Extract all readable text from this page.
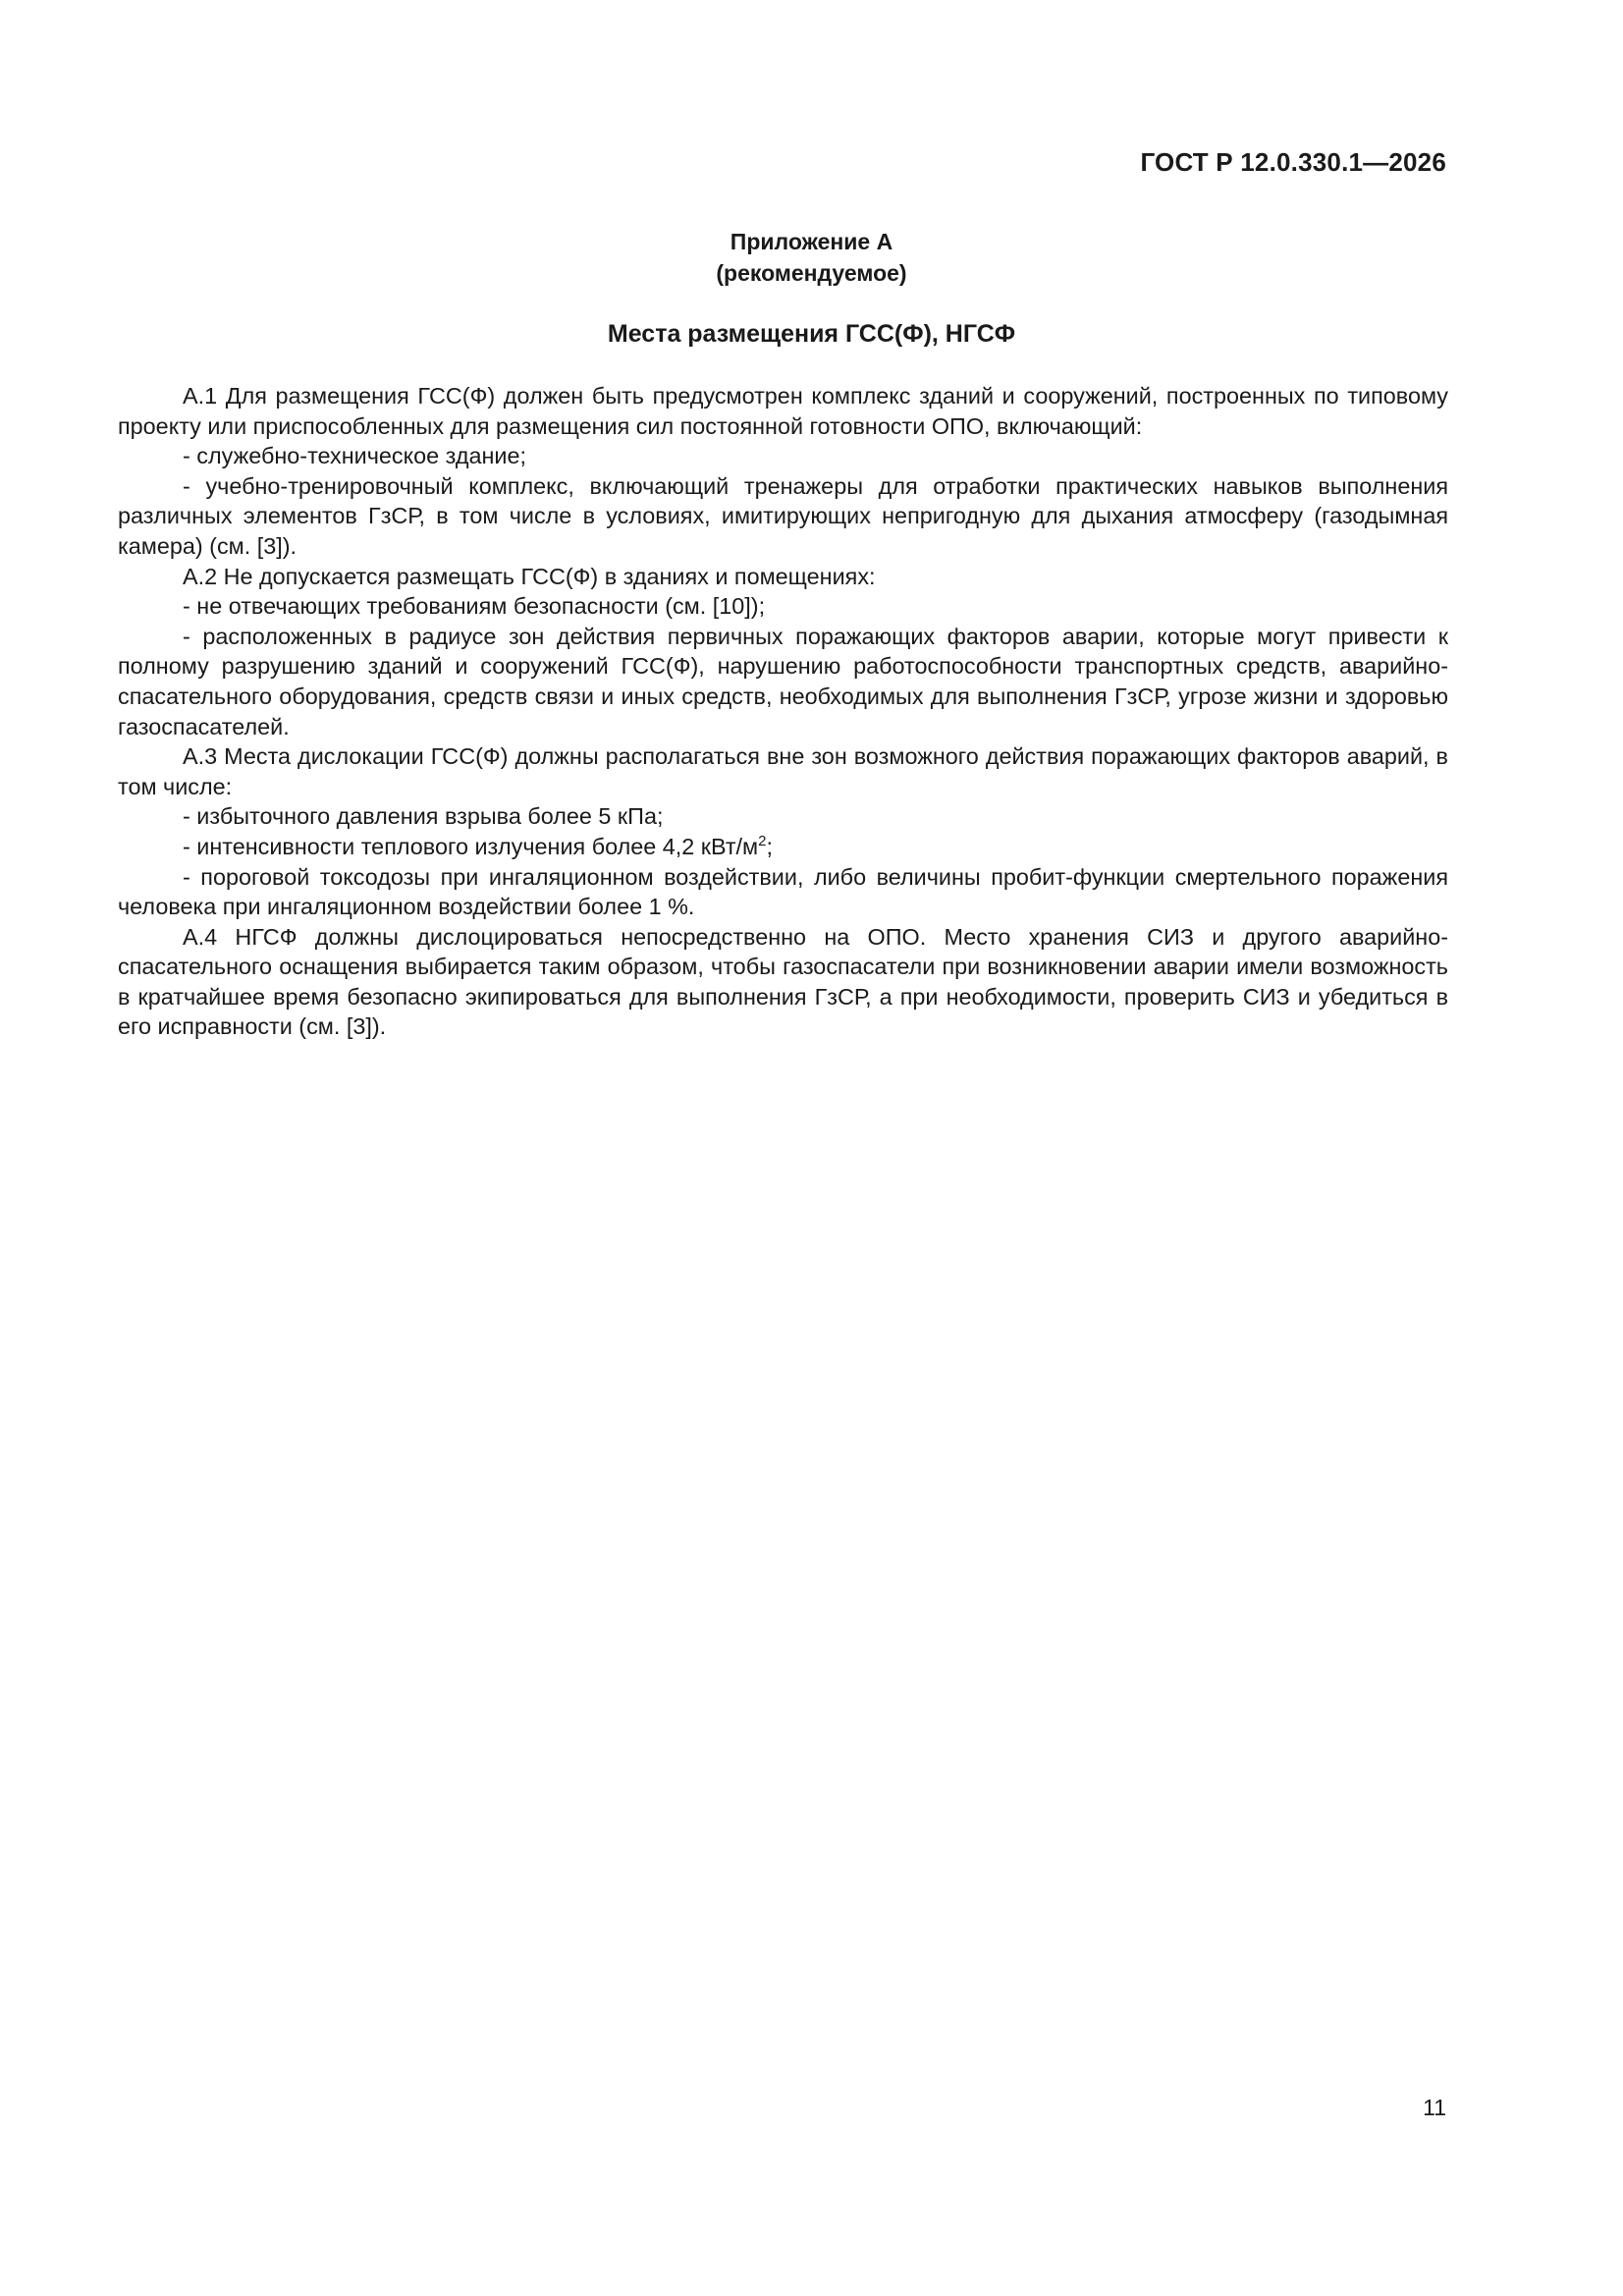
ГОСТ Р 12.0.330.1—2026
Приложение А
(рекомендуемое)
Места размещения ГСС(Ф), НГСФ

А.1 Для размещения ГСС(Ф) должен быть предусмотрен комплекс зданий и сооружений, построенных по типовому проекту или приспособленных для размещения сил постоянной готовности ОПО, включающий:

- служебно-техническое здание;

- учебно-тренировочный комплекс, включающий тренажеры для отработки практических навыков выполнения различных элементов ГзСР, в том числе в условиях, имитирующих непригодную для дыхания атмосферу (газодымная камера) (см. [3]).

А.2 Не допускается размещать ГСС(Ф) в зданиях и помещениях:

- не отвечающих требованиям безопасности (см. [10]);

- расположенных в радиусе зон действия первичных поражающих факторов аварии, которые могут привести к полному разрушению зданий и сооружений ГСС(Ф), нарушению работоспособности транспортных средств, аварийно-спасательного оборудования, средств связи и иных средств, необходимых для выполнения ГзСР, угрозе жизни и здоровью газоспасателей.

А.3 Места дислокации ГСС(Ф) должны располагаться вне зон возможного действия поражающих факторов аварий, в том числе:

- избыточного давления взрыва более 5 кПа;

- интенсивности теплового излучения более 4,2 кВт/$м^2$;

- пороговой токсодозы при ингаляционном воздействии, либо величины пробит-функции смертельного поражения человека при ингаляционном воздействии более 1 %.

А.4 НГСФ должны дислоцироваться непосредственно на ОПО. Место хранения СИЗ и другого аварийно-спасательного оснащения выбирается таким образом, чтобы газоспасатели при возникновении аварии имели возможность в кратчайшее время безопасно экипироваться для выполнения ГзСР, а при необходимости, проверить СИЗ и убедиться в его исправности (см. [3]).

11
